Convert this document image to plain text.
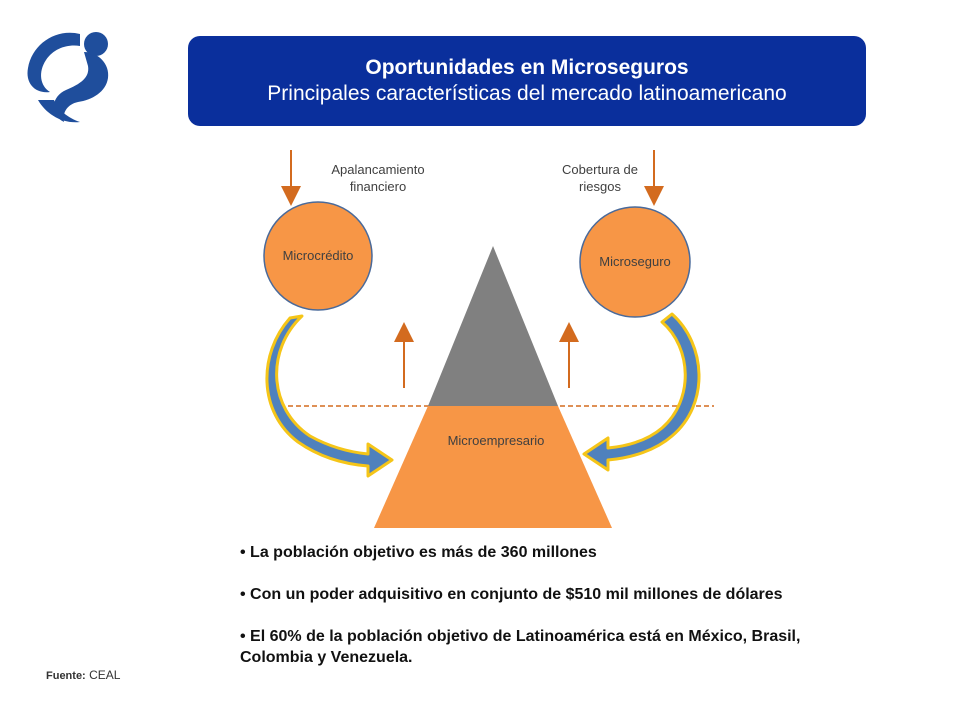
Oportunidades en Microseguros
Principales características del mercado latinoamericano
Apalancamiento
financiero
Cobertura de
riesgos
Microcrédito	Microseguro
Microempresario
• La población objetivo es más de 360 millones
• Con un poder adquisitivo en conjunto de $510 mil millones de dólares
• El 60% de la población objetivo de Latinoamérica está en México, Brasil, Colombia y Venezuela.
Fuente: CEAL
